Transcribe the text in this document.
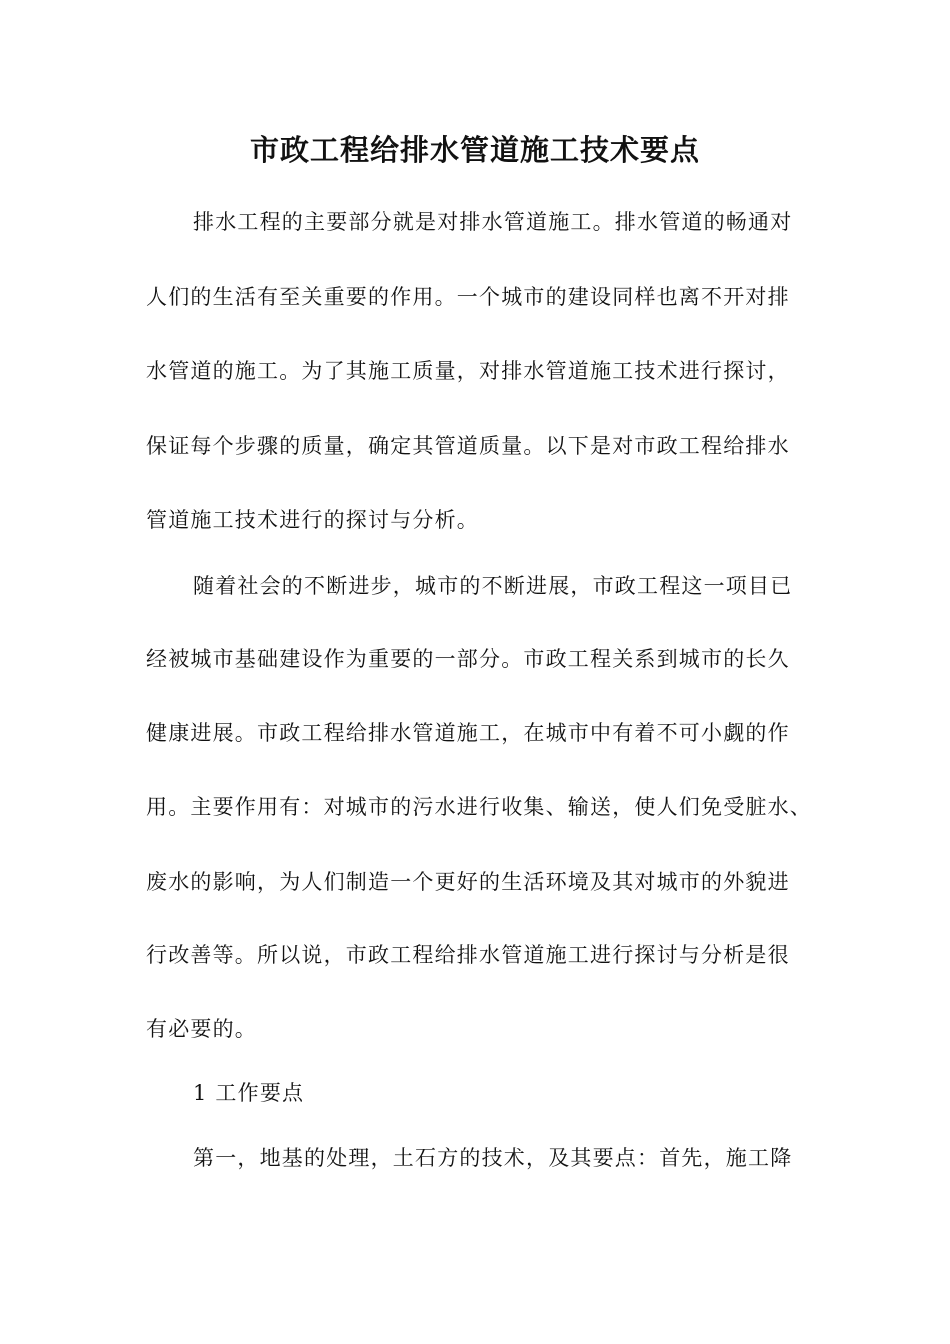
市政工程给排水管道施工技术要点
排水工程的主要部分就是对排水管道施工。排水管道的畅通对
人们的生活有至关重要的作用。一个城市的建设同样也离不开对排
水管道的施工。为了其施工质量，对排水管道施工技术进行探讨，
保证每个步骤的质量，确定其管道质量。以下是对市政工程给排水
管道施工技术进行的探讨与分析。
随着社会的不断进步，城市的不断进展，市政工程这一项目已
经被城市基础建设作为重要的一部分。市政工程关系到城市的长久
健康进展。市政工程给排水管道施工，在城市中有着不可小觑的作
用。主要作用有：对城市的污水进行收集、输送，使人们免受脏水、
废水的影响，为人们制造一个更好的生活环境及其对城市的外貌进
行改善等。所以说，市政工程给排水管道施工进行探讨与分析是很
有必要的。
1 工作要点
第一，地基的处理，土石方的技术，及其要点：首先，施工降
